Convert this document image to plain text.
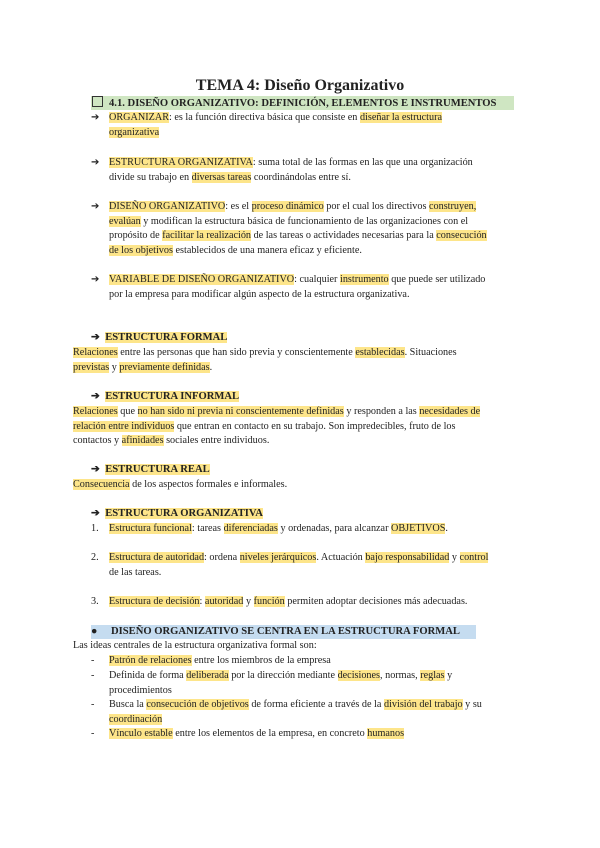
TEMA 4: Diseño Organizativo
4.1. DISEÑO ORGANIZATIVO: DEFINICIÓN, ELEMENTOS E INSTRUMENTOS
➔ ORGANIZAR: es la función directiva básica que consiste en diseñar la estructura
organizativa
➔ ESTRUCTURA ORGANIZATIVA: suma total de las formas en las que una organización
divide su trabajo en diversas tareas coordinándolas entre sí.
➔ DISEÑO ORGANIZATIVO: es el proceso dinámico por el cual los directivos construyen,
evalúan y modifican la estructura básica de funcionamiento de las organizaciones con el
propósito de facilitar la realización de las tareas o actividades necesarias para la consecución
de los objetivos establecidos de una manera eficaz y eficiente.
➔ VARIABLE DE DISEÑO ORGANIZATIVO: cualquier instrumento que puede ser utilizado
por la empresa para modificar algún aspecto de la estructura organizativa.
➔ ESTRUCTURA FORMAL
Relaciones entre las personas que han sido previa y conscientemente establecidas. Situaciones
previstas y previamente definidas.
➔ ESTRUCTURA INFORMAL
Relaciones que no han sido ni previa ni conscientemente definidas y responden a las necesidades de
relación entre individuos que entran en contacto en su trabajo. Son impredecibles, fruto de los
contactos y afinidades sociales entre individuos.
➔ ESTRUCTURA REAL
Consecuencia de los aspectos formales e informales.
➔ ESTRUCTURA ORGANIZATIVA
1. Estructura funcional: tareas diferenciadas y ordenadas, para alcanzar OBJETIVOS.
2. Estructura de autoridad: ordena niveles jerárquicos. Actuación bajo responsabilidad y control
de las tareas.
3. Estructura de decisión: autoridad y función permiten adoptar decisiones más adecuadas.
● DISEÑO ORGANIZATIVO SE CENTRA EN LA ESTRUCTURA FORMAL
Las ideas centrales de la estructura organizativa formal son:
- Patrón de relaciones entre los miembros de la empresa
- Definida de forma deliberada por la dirección mediante decisiones, normas, reglas y
procedimientos
- Busca la consecución de objetivos de forma eficiente a través de la división del trabajo y su
coordinación
- Vínculo estable entre los elementos de la empresa, en concreto humanos
